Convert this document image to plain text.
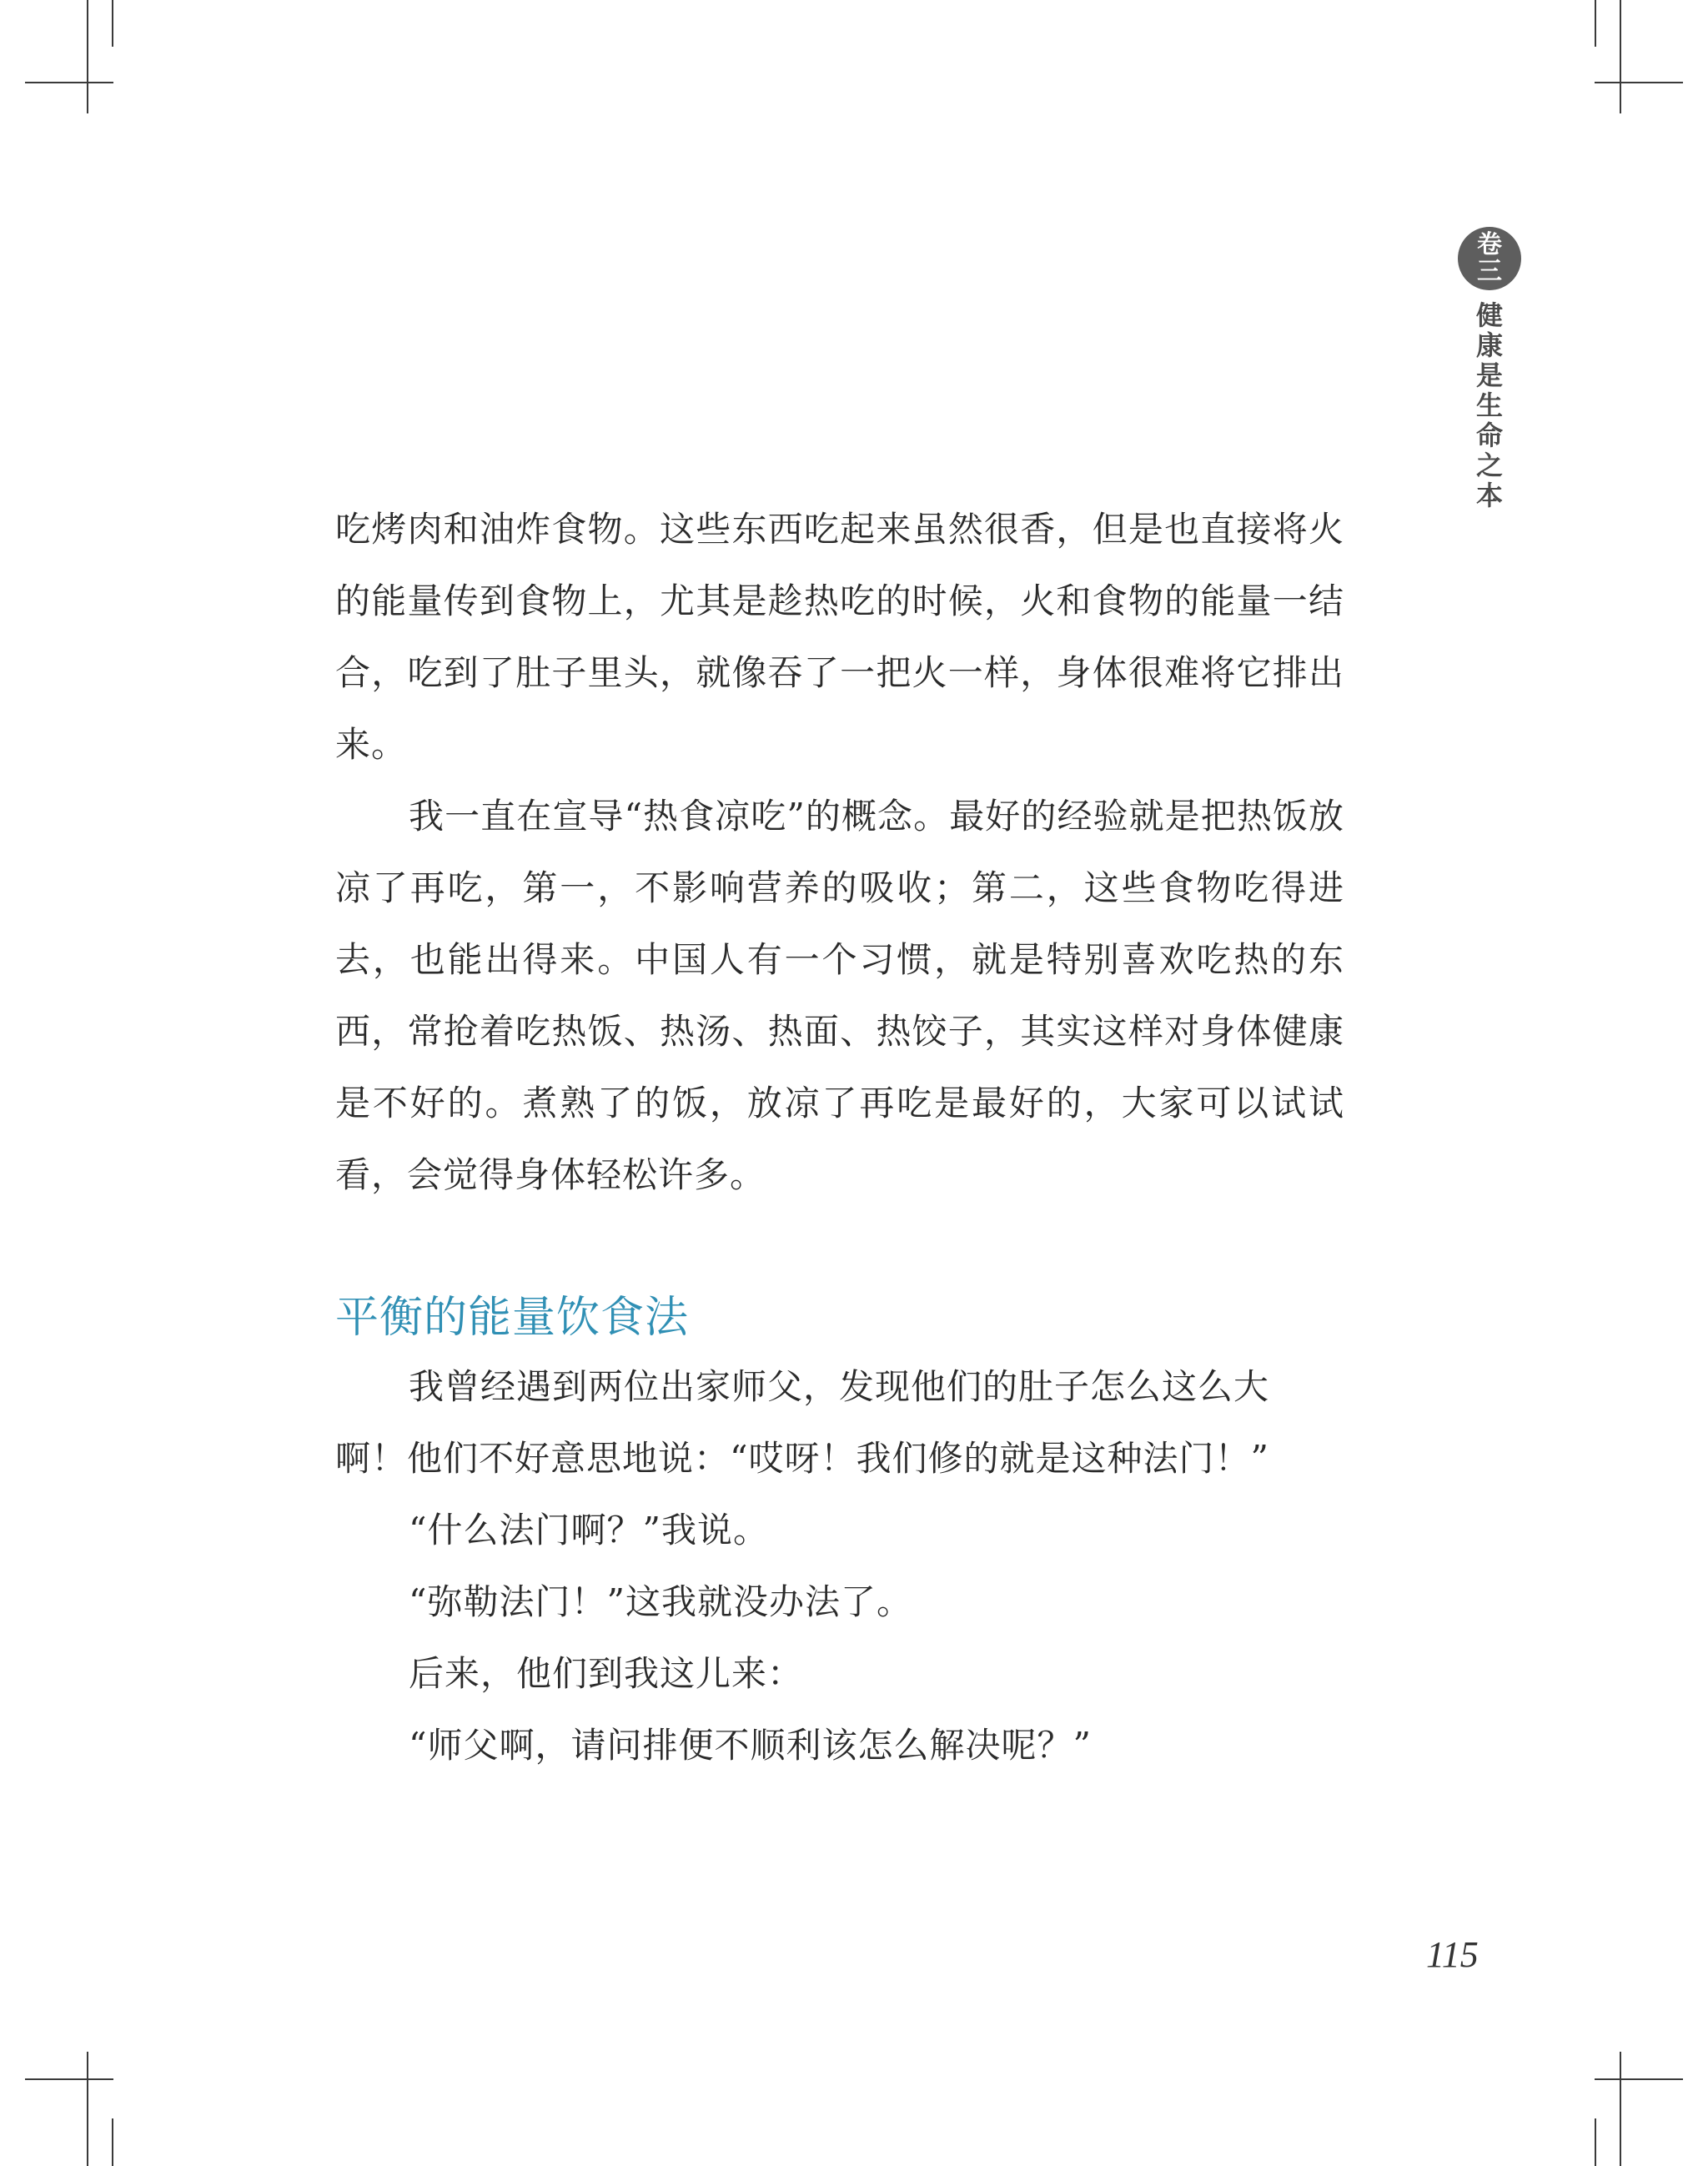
卷三
健康是生命之本

吃烤肉和油炸食物。这些东西吃起来虽然很香，但是也直接将火的能量传到食物上，尤其是趁热吃的时候，火和食物的能量一结合，吃到了肚子里头，就像吞了一把火一样，身体很难将它排出来。

我一直在宣导“热食凉吃”的概念。最好的经验就是把热饭放凉了再吃，第一，不影响营养的吸收；第二，这些食物吃得进去，也能出得来。中国人有一个习惯，就是特别喜欢吃热的东西，常抢着吃热饭、热汤、热面、热饺子，其实这样对身体健康是不好的。煮熟了的饭，放凉了再吃是最好的，大家可以试试看，会觉得身体轻松许多。

平衡的能量饮食法

我曾经遇到两位出家师父，发现他们的肚子怎么这么大

啊！他们不好意思地说：“哎呀！我们修的就是这种法门！”

“什么法门啊？”我说。

“弥勒法门！”这我就没办法了。

后来，他们到我这儿来：

“师父啊，请问排便不顺利该怎么解决呢？”

115
